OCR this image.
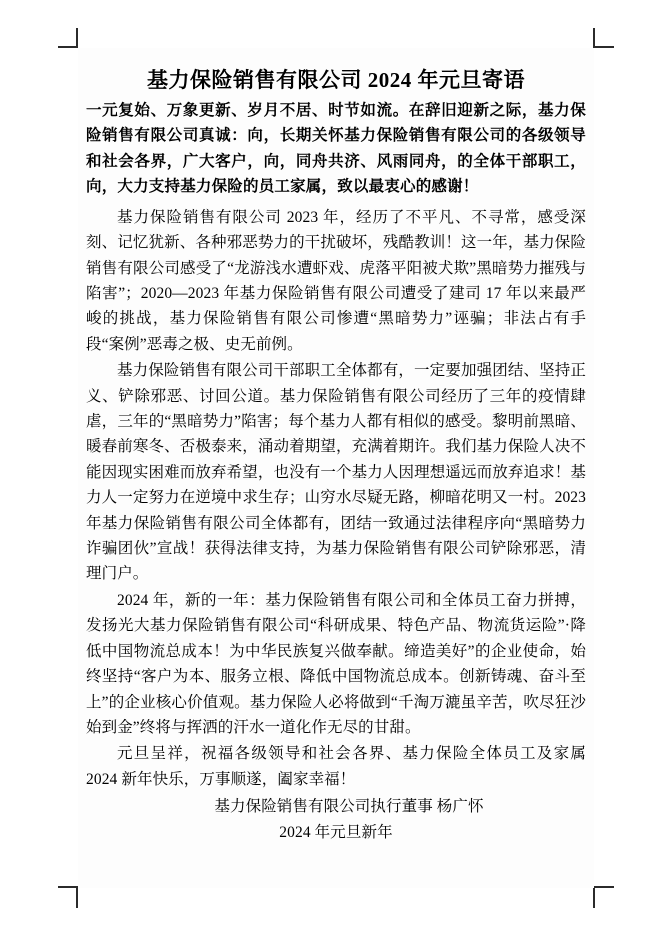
基力保险销售有限公司 2024 年元旦寄语
一元复始、万象更新、岁月不居、时节如流。在辞旧迎新之际，基力保险销售有限公司真诚：向，长期关怀基力保险销售有限公司的各级领导和社会各界，广大客户，向，同舟共济、风雨同舟，的全体干部职工，向，大力支持基力保险的员工家属，致以最衷心的感谢！

基力保险销售有限公司 2023 年，经历了不平凡、不寻常，感受深刻、记忆犹新、各种邪恶势力的干扰破坏，残酷教训！这一年，基力保险销售有限公司感受了“龙游浅水遭虾戏、虎落平阳被犬欺”黑暗势力摧残与陷害”；2020—2023 年基力保险销售有限公司遭受了建司 17 年以来最严峻的挑战，基力保险销售有限公司惨遭“黑暗势力”诬骗；非法占有手段“案例”恶毒之极、史无前例。

基力保险销售有限公司干部职工全体都有，一定要加强团结、坚持正义、铲除邪恶、讨回公道。基力保险销售有限公司经历了三年的疫情肆虐，三年的“黑暗势力”陷害；每个基力人都有相似的感受。黎明前黑暗、暖春前寒冬、否极泰来，涌动着期望，充满着期许。我们基力保险人决不能因现实困难而放弃希望，也没有一个基力人因理想遥远而放弃追求！基力人一定努力在逆境中求生存；山穷水尽疑无路，柳暗花明又一村。2023 年基力保险销售有限公司全体都有，团结一致通过法律程序向“黑暗势力诈骗团伙”宣战！获得法律支持，为基力保险销售有限公司铲除邪恶，清理门户。

2024 年，新的一年：基力保险销售有限公司和全体员工奋力拼搏，发扬光大基力保险销售有限公司“科研成果、特色产品、物流货运险”·降低中国物流总成本！为中华民族复兴做奉献。缔造美好”的企业使命，始终坚持“客户为本、服务立根、降低中国物流总成本。创新铸魂、奋斗至上”的企业核心价值观。基力保险人必将做到“千淘万漉虽辛苦，吹尽狂沙始到金”终将与挥洒的汗水一道化作无尽的甘甜。

元旦呈祥，祝福各级领导和社会各界、基力保险全体员工及家属 2024 新年快乐，万事顺遂，阖家幸福！

基力保险销售有限公司执行董事 杨广怀

2024 年元旦新年
